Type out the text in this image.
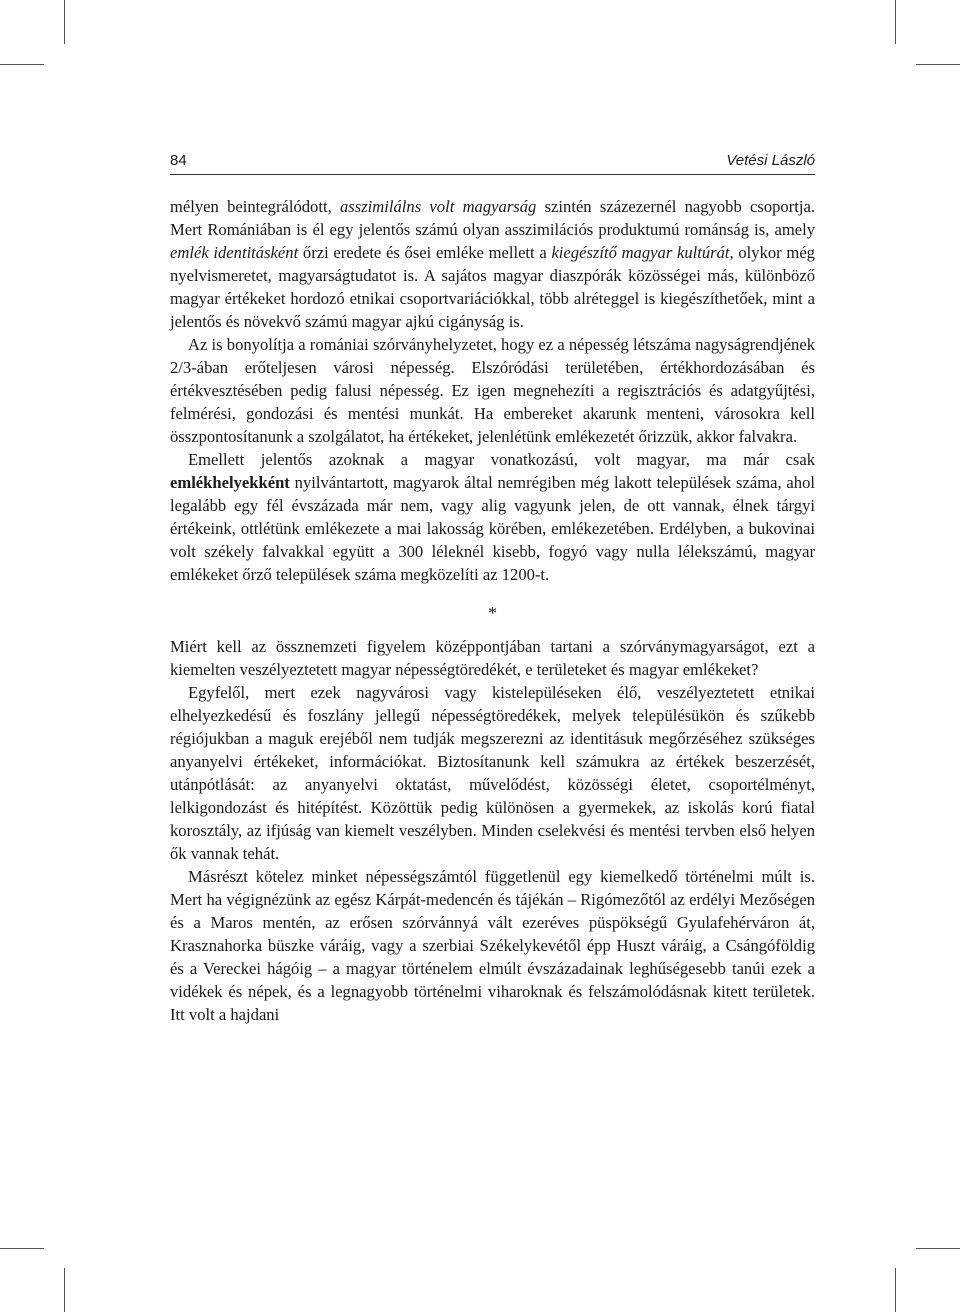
84	Vetési László

mélyen beintegrálódott, asszimilálns volt magyarság szintén százezernél nagyobb csoportja. Mert Romániában is él egy jelentős számú olyan asszimilációs produktumú románság is, amely emlék identitásként őrzi eredete és ősei emléke mellett a kiegészítő magyar kultúrát, olykor még nyelvismeretet, magyarságtudatot is. A sajátos magyar diaszpórák közösségei más, különböző magyar értékeket hordozó etnikai csoportvariációkkal, több alréteggel is kiegészíthetőek, mint a jelentős és növekvő számú magyar ajkú cigányság is.

Az is bonyolítja a romániai szórványhelyzetet, hogy ez a népesség létszáma nagyságrendjének 2/3-ában erőteljesen városi népesség. Elszóródási területében, értékhordozásában és értékvesztésében pedig falusi népesség. Ez igen megnehezíti a regisztrációs és adatgyűjtési, felmérési, gondozási és mentési munkát. Ha embereket akarunk menteni, városokra kell összpontosítanunk a szolgálatot, ha értékeket, jelenlétünk emlékezetét őrizzük, akkor falvakra.

Emellett jelentős azoknak a magyar vonatkozású, volt magyar, ma már csak emlékhelyekként nyilvántartott, magyarok által nemrégiben még lakott települések száma, ahol legalább egy fél évszázada már nem, vagy alig vagyunk jelen, de ott vannak, élnek tárgyi értékeink, ottlétünk emlékezete a mai lakosság körében, emlékezetében. Erdélyben, a bukovinai volt székely falvakkal együtt a 300 léleknél kisebb, fogyó vagy nulla lélekszámú, magyar emlékeket őrző települések száma megközelíti az 1200-t.

*

Miért kell az össznemzeti figyelem középpontjában tartani a szórványmagyarságot, ezt a kiemelten veszélyeztetett magyar népességtöredékét, e területeket és magyar emlékeket?

Egyfelől, mert ezek nagyvárosi vagy kistelepüléseken élő, veszélyeztetett etnikai elhelyezkedésű és foszlány jellegű népességtöredékek, melyek településükön és szűkebb régiójukban a maguk erejéből nem tudják megszerezni az identitásuk megőrzéséhez szükséges anyanyelvi értékeket, információkat. Biztosítanunk kell számukra az értékek beszerzését, utánpótlását: az anyanyelvi oktatást, művelődést, közösségi életet, csoportélményt, lelkigondozást és hitépítést. Közöttük pedig különösen a gyermekek, az iskolás korú fiatal korosztály, az ifjúság van kiemelt veszélyben. Minden cselekvési és mentési tervben első helyen ők vannak tehát.

Másrészt kötelez minket népességszámtól függetlenül egy kiemelkedő történelmi múlt is. Mert ha végignézünk az egész Kárpát-medencén és tájékán – Rigómezőtől az erdélyi Mezőségen és a Maros mentén, az erősen szórvánnyá vált ezeréves püspökségű Gyulafehérváron át, Krasznahorka büszke váráig, vagy a szerbiai Székelykevétől épp Huszt váráig, a Csángóföldig és a Vereckei hágóig – a magyar történelem elmúlt évszázadainak leghűségesebb tanúi ezek a vidékek és népek, és a legnagyobb történelmi viharoknak és felszámolódásnak kitett területek. Itt volt a hajdani
